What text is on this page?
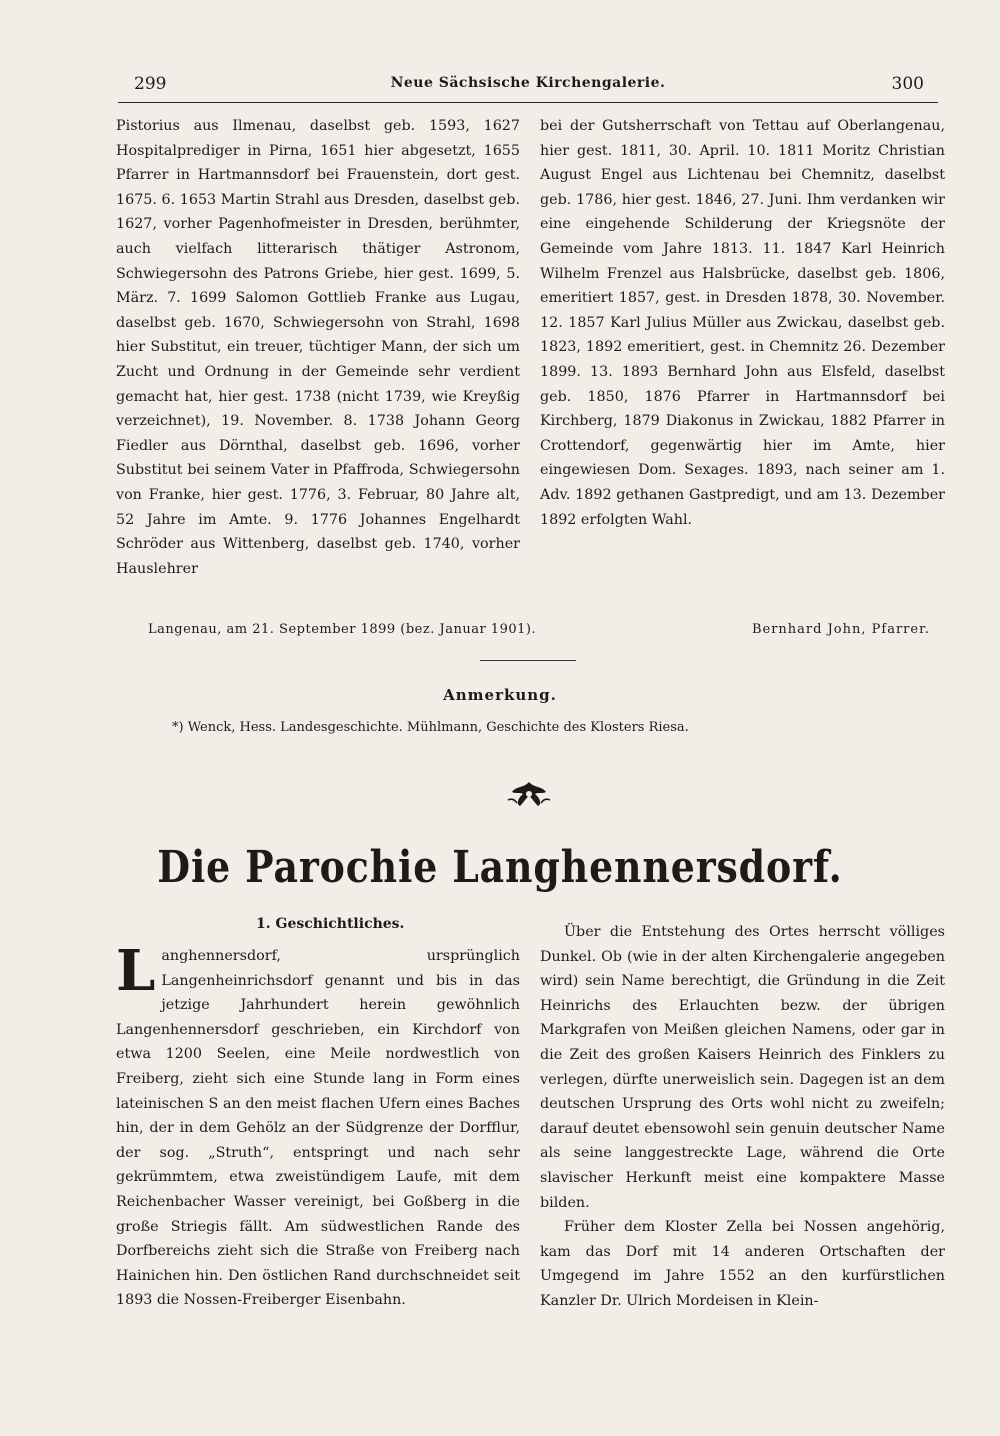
299	Neue Sächsische Kirchengalerie.	300

Pistorius aus Ilmenau, daselbst geb. 1593, 1627 Hospitalprediger in Pirna, 1651 hier abgesetzt, 1655 Pfarrer in Hartmannsdorf bei Frauenstein, dort gest. 1675. 6. 1653 Martin Strahl aus Dresden, daselbst geb. 1627, vorher Pagenhofmeister in Dresden, berühmter, auch vielfach litterarisch thätiger Astronom, Schwiegersohn des Patrons Griebe, hier gest. 1699, 5. März. 7. 1699 Salomon Gottlieb Franke aus Lugau, daselbst geb. 1670, Schwiegersohn von Strahl, 1698 hier Substitut, ein treuer, tüchtiger Mann, der sich um Zucht und Ordnung in der Gemeinde sehr verdient gemacht hat, hier gest. 1738 (nicht 1739, wie Kreyßig verzeichnet), 19. November. 8. 1738 Johann Georg Fiedler aus Dörnthal, daselbst geb. 1696, vorher Substitut bei seinem Vater in Pfaffroda, Schwiegersohn von Franke, hier gest. 1776, 3. Februar, 80 Jahre alt, 52 Jahre im Amte. 9. 1776 Johannes Engelhardt Schröder aus Wittenberg, daselbst geb. 1740, vorher Hauslehrer

bei der Gutsherrschaft von Tettau auf Oberlangenau, hier gest. 1811, 30. April. 10. 1811 Moritz Christian August Engel aus Lichtenau bei Chemnitz, daselbst geb. 1786, hier gest. 1846, 27. Juni. Ihm verdanken wir eine eingehende Schilderung der Kriegsnöte der Gemeinde vom Jahre 1813. 11. 1847 Karl Heinrich Wilhelm Frenzel aus Halsbrücke, daselbst geb. 1806, emeritiert 1857, gest. in Dresden 1878, 30. November. 12. 1857 Karl Julius Müller aus Zwickau, daselbst geb. 1823, 1892 emeritiert, gest. in Chemnitz 26. Dezember 1899. 13. 1893 Bernhard John aus Elsfeld, daselbst geb. 1850, 1876 Pfarrer in Hartmannsdorf bei Kirchberg, 1879 Diakonus in Zwickau, 1882 Pfarrer in Crottendorf, gegenwärtig hier im Amte, hier eingewiesen Dom. Sexages. 1893, nach seiner am 1. Adv. 1892 gethanen Gastpredigt, und am 13. Dezember 1892 erfolgten Wahl.

Langenau, am 21. September 1899 (bez. Januar 1901).	Bernhard John, Pfarrer.
Anmerkung.
*) Wenck, Hess. Landesgeschichte. Mühlmann, Geschichte des Klosters Riesa.
Die Parochie Langhennersdorf.
1. Geschichtliches.

Langhennersdorf, ursprünglich Langenheinrichsdorf genannt und bis in das jetzige Jahrhundert herein gewöhnlich Langenhennersdorf geschrieben, ein Kirchdorf von etwa 1200 Seelen, eine Meile nordwestlich von Freiberg, zieht sich eine Stunde lang in Form eines lateinischen S an den meist flachen Ufern eines Baches hin, der in dem Gehölz an der Südgrenze der Dorfflur, der sog. „Struth“, entspringt und nach sehr gekrümmtem, etwa zweistündigem Laufe, mit dem Reichenbacher Wasser vereinigt, bei Goßberg in die große Striegis fällt. Am südwestlichen Rande des Dorfbereichs zieht sich die Straße von Freiberg nach Hainichen hin. Den östlichen Rand durchschneidet seit 1893 die Nossen-Freiberger Eisenbahn.

Über die Entstehung des Ortes herrscht völliges Dunkel. Ob (wie in der alten Kirchengalerie angegeben wird) sein Name berechtigt, die Gründung in die Zeit Heinrichs des Erlauchten bezw. der übrigen Markgrafen von Meißen gleichen Namens, oder gar in die Zeit des großen Kaisers Heinrich des Finklers zu verlegen, dürfte unerweislich sein. Dagegen ist an dem deutschen Ursprung des Orts wohl nicht zu zweifeln; darauf deutet ebensowohl sein genuin deutscher Name als seine langgestreckte Lage, während die Orte slavischer Herkunft meist eine kompaktere Masse bilden.

Früher dem Kloster Zella bei Nossen angehörig, kam das Dorf mit 14 anderen Ortschaften der Umgegend im Jahre 1552 an den kurfürstlichen Kanzler Dr. Ulrich Mordeisen in Klein-
